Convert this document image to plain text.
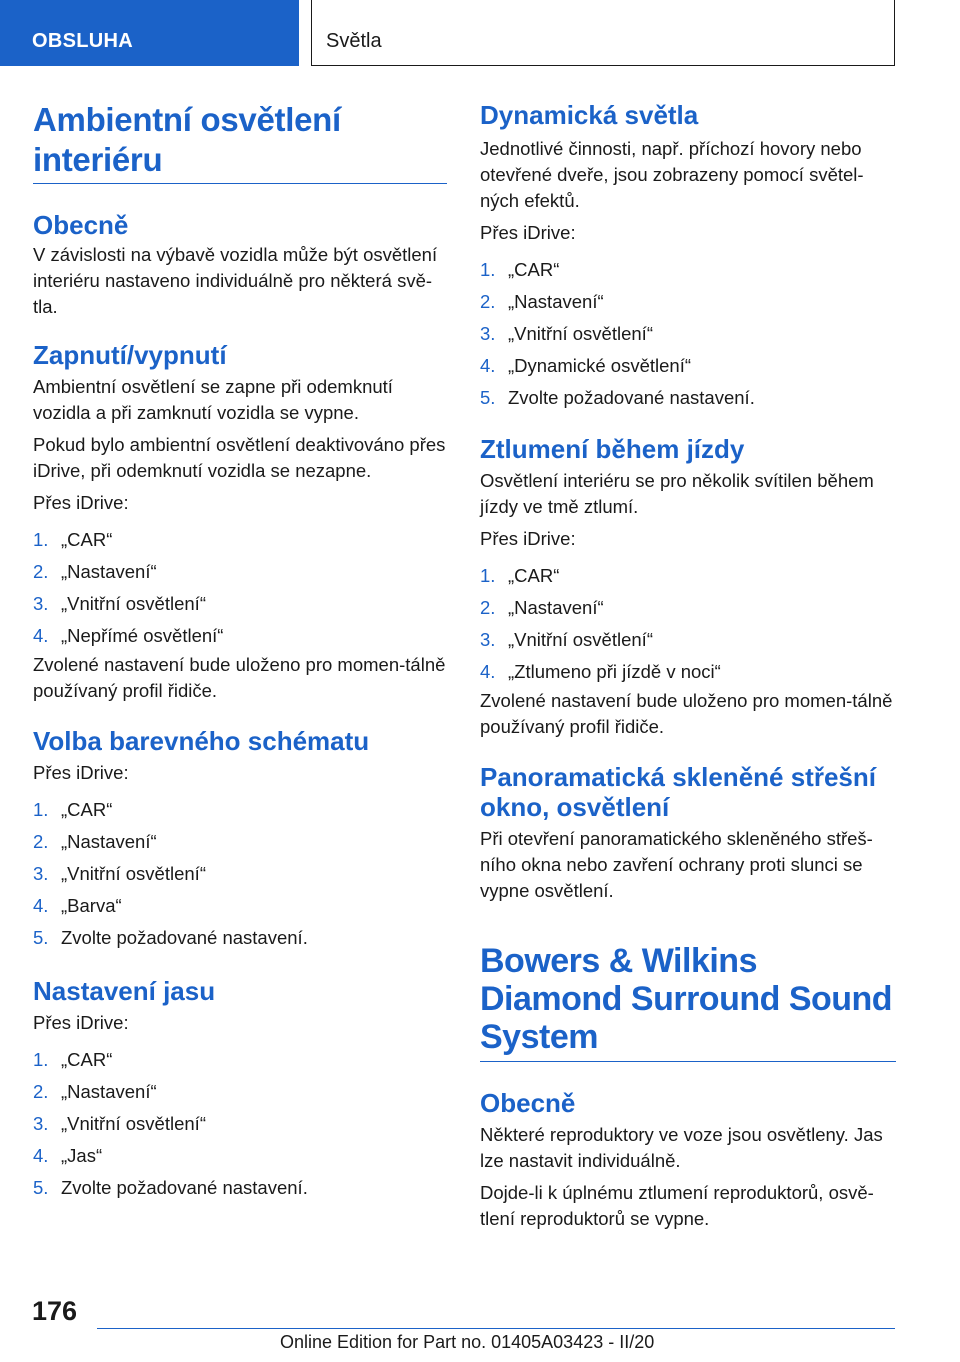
OBSLUHA	Světla
Ambientní osvětlení interiéru
Obecně
V závislosti na výbavě vozidla může být osvětlení interiéru nastaveno individuálně pro některá svě‐tla.
Zapnutí/vypnutí
Ambientní osvětlení se zapne při odemknutí vozidla a při zamknutí vozidla se vypne.
Pokud bylo ambientní osvětlení deaktivováno přes iDrive, při odemknutí vozidla se nezapne.
Přes iDrive:
1. „CAR“
2. „Nastavení“
3. „Vnitřní osvětlení“
4. „Nepřímé osvětlení“
Zvolené nastavení bude uloženo pro momen‐tálně používaný profil řidiče.
Volba barevného schématu
Přes iDrive:
1. „CAR“
2. „Nastavení“
3. „Vnitřní osvětlení“
4. „Barva“
5. Zvolte požadované nastavení.
Nastavení jasu
Přes iDrive:
1. „CAR“
2. „Nastavení“
3. „Vnitřní osvětlení“
4. „Jas“
5. Zvolte požadované nastavení.
Dynamická světla
Jednotlivé činnosti, např. příchozí hovory nebo otevřené dveře, jsou zobrazeny pomocí světel‐ných efektů.
Přes iDrive:
1. „CAR“
2. „Nastavení“
3. „Vnitřní osvětlení“
4. „Dynamické osvětlení“
5. Zvolte požadované nastavení.
Ztlumení během jízdy
Osvětlení interiéru se pro několik svítilen během jízdy ve tmě ztlumí.
Přes iDrive:
1. „CAR“
2. „Nastavení“
3. „Vnitřní osvětlení“
4. „Ztlumeno při jízdě v noci“
Zvolené nastavení bude uloženo pro momen‐tálně používaný profil řidiče.
Panoramatická skleněné střešní okno, osvětlení
Při otevření panoramatického skleněného střeš‐ního okna nebo zavření ochrany proti slunci se vypne osvětlení.
Bowers & Wilkins Diamond Surround Sound System
Obecně
Některé reproduktory ve voze jsou osvětleny. Jas lze nastavit individuálně.
Dojde-li k úplnému ztlumení reproduktorů, osvě‐tlení reproduktorů se vypne.
176
Online Edition for Part no. 01405A03423 - II/20
